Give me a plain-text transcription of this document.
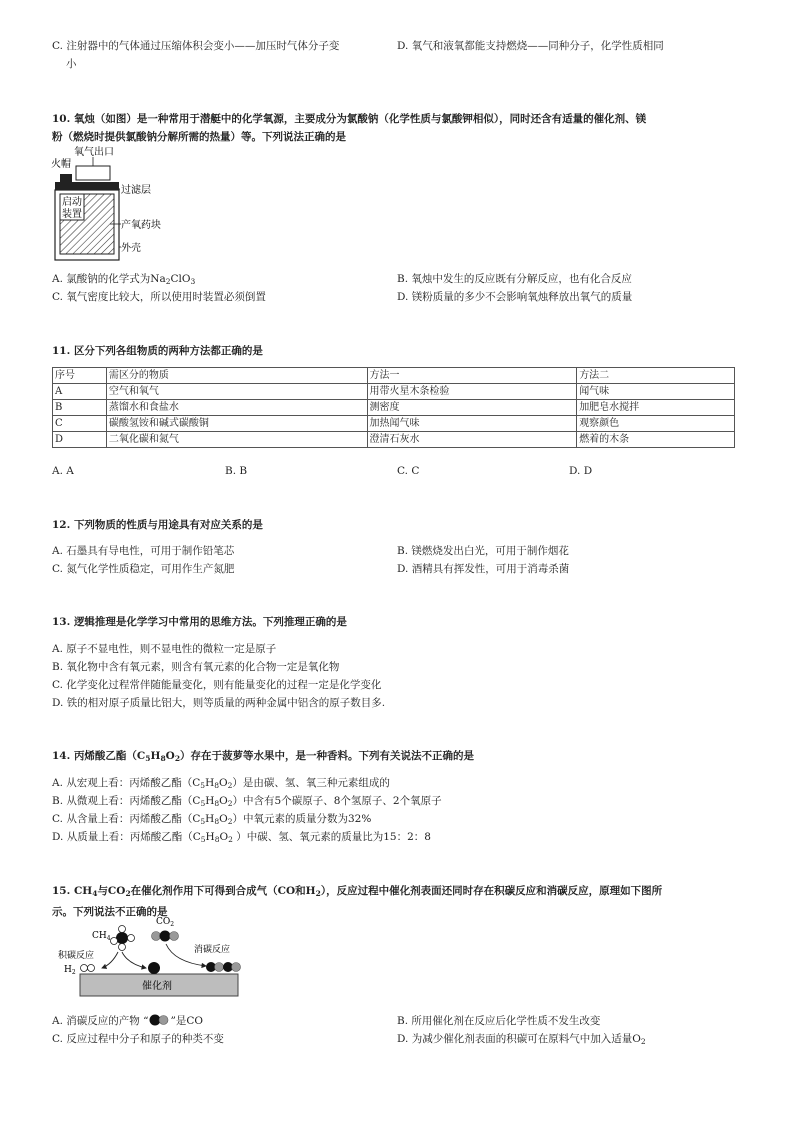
C. 注射器中的气体通过压缩体积会变小——加压时气体分子变
小
D. 氧气和液氧都能支持燃烧——同种分子，化学性质相同
10. 氧烛（如图）是一种常用于潜艇中的化学氧源，主要成分为氯酸钠（化学性质与氯酸钾相似），同时还含有适量的催化剂、镁
粉（燃烧时提供氯酸钠分解所需的热量）等。下列说法正确的是
启动
装置
氧气出口
火帽
过滤层
产氧药块
外壳
A. 氯酸钠的化学式为$Na_2ClO_3$	B. 氧烛中发生的反应既有分解反应，也有化合反应
C. 氧气密度比较大，所以使用时装置必须倒置	D. 镁粉质量的多少不会影响氧烛释放出氧气的质量
11. 区分下列各组物质的两种方法都正确的是
序号	需区分的物质	方法一	方法二
A	空气和氧气	用带火星木条检验	闻气味
B	蒸馏水和食盐水	测密度	加肥皂水搅拌
C	碳酸氢铵和碱式碳酸铜	加热闻气味	观察颜色
D	二氧化碳和氮气	澄清石灰水	燃着的木条
A. A	B. B	C. C	D. D
12. 下列物质的性质与用途具有对应关系的是
A. 石墨具有导电性，可用于制作铅笔芯	B. 镁燃烧发出白光，可用于制作烟花
C. 氮气化学性质稳定，可用作生产氮肥	D. 酒精具有挥发性，可用于消毒杀菌
13. 逻辑推理是化学学习中常用的思维方法。下列推理正确的是
A. 原子不显电性，则不显电性的微粒一定是原子
B. 氧化物中含有氧元素，则含有氧元素的化合物一定是氧化物
C. 化学变化过程常伴随能量变化，则有能量变化的过程一定是化学变化
D. 铁的相对原子质量比铝大，则等质量的两种金属中铝含的原子数目多.
14. 丙烯酸乙酯$(C_5H_8O_2)$存在于菠萝等水果中，是一种香料。下列有关说法不正确的是
A. 从宏观上看：丙烯酸乙酯$(C_5H_8O_2)$是由碳、氢、氧三种元素组成的
B. 从微观上看：丙烯酸乙酯$(C_5H_8O_2)$中含有5个碳原子、8个氢原子、2个氧原子
C. 从含量上看：丙烯酸乙酯$(C_5H_8O_2)$中氧元素的质量分数为32%
D. 从质量上看：丙烯酸乙酯（$C_5H_8O_2$ ）中碳、氢、氧元素的质量比为15：2：8
15. $CH_4$与$CO_2$在催化剂作用下可得到合成气（CO和$H_2$），反应过程中催化剂表面还同时存在积碳反应和消碳反应，原理如下图所
示。下列说法不正确的是
催化剂
$CH_4$
$CO_2$
积碳反应
消碳反应
$H_2$
A. 消碳反应的产物 “ ”是CO	B. 所用催化剂在反应后化学性质不发生改变
C. 反应过程中分子和原子的种类不变	D. 为减少催化剂表面的积碳可在原料气中加入适量$O_2$
